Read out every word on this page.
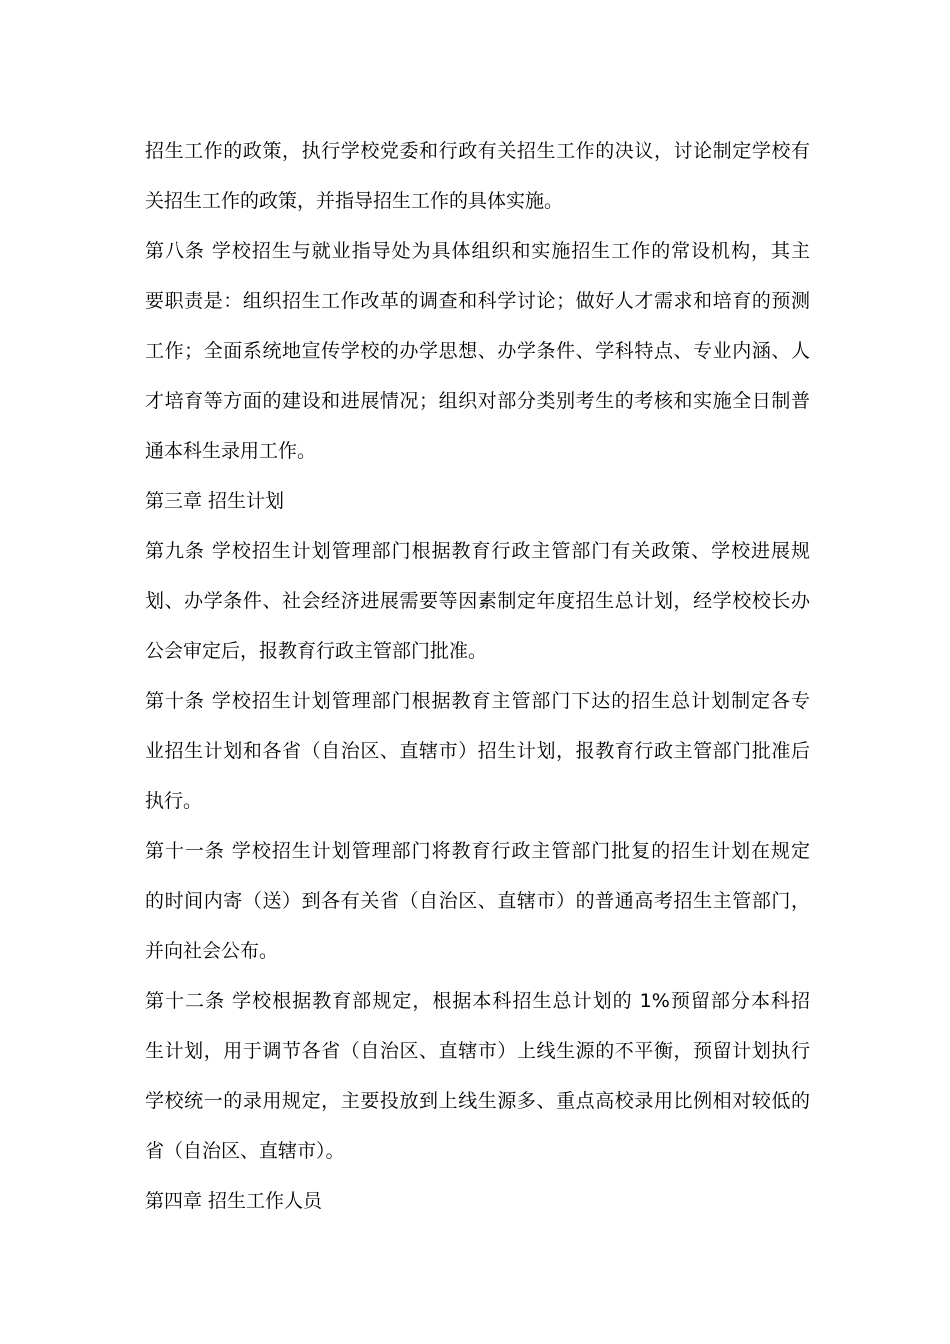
招生工作的政策，执行学校党委和行政有关招生工作的决议，讨论制定学校有
关招生工作的政策，并指导招生工作的具体实施。
第八条 学校招生与就业指导处为具体组织和实施招生工作的常设机构，其主
要职责是：组织招生工作改革的调查和科学讨论；做好人才需求和培育的预测
工作；全面系统地宣传学校的办学思想、办学条件、学科特点、专业内涵、人
才培育等方面的建设和进展情况；组织对部分类别考生的考核和实施全日制普
通本科生录用工作。
第三章 招生计划
第九条 学校招生计划管理部门根据教育行政主管部门有关政策、学校进展规
划、办学条件、社会经济进展需要等因素制定年度招生总计划，经学校校长办
公会审定后，报教育行政主管部门批准。
第十条 学校招生计划管理部门根据教育主管部门下达的招生总计划制定各专
业招生计划和各省（自治区、直辖市）招生计划，报教育行政主管部门批准后
执行。
第十一条 学校招生计划管理部门将教育行政主管部门批复的招生计划在规定
的时间内寄（送）到各有关省（自治区、直辖市）的普通高考招生主管部门，
并向社会公布。
第十二条 学校根据教育部规定，根据本科招生总计划的 1%预留部分本科招
生计划，用于调节各省（自治区、直辖市）上线生源的不平衡，预留计划执行
学校统一的录用规定，主要投放到上线生源多、重点高校录用比例相对较低的
省（自治区、直辖市）。
第四章 招生工作人员
